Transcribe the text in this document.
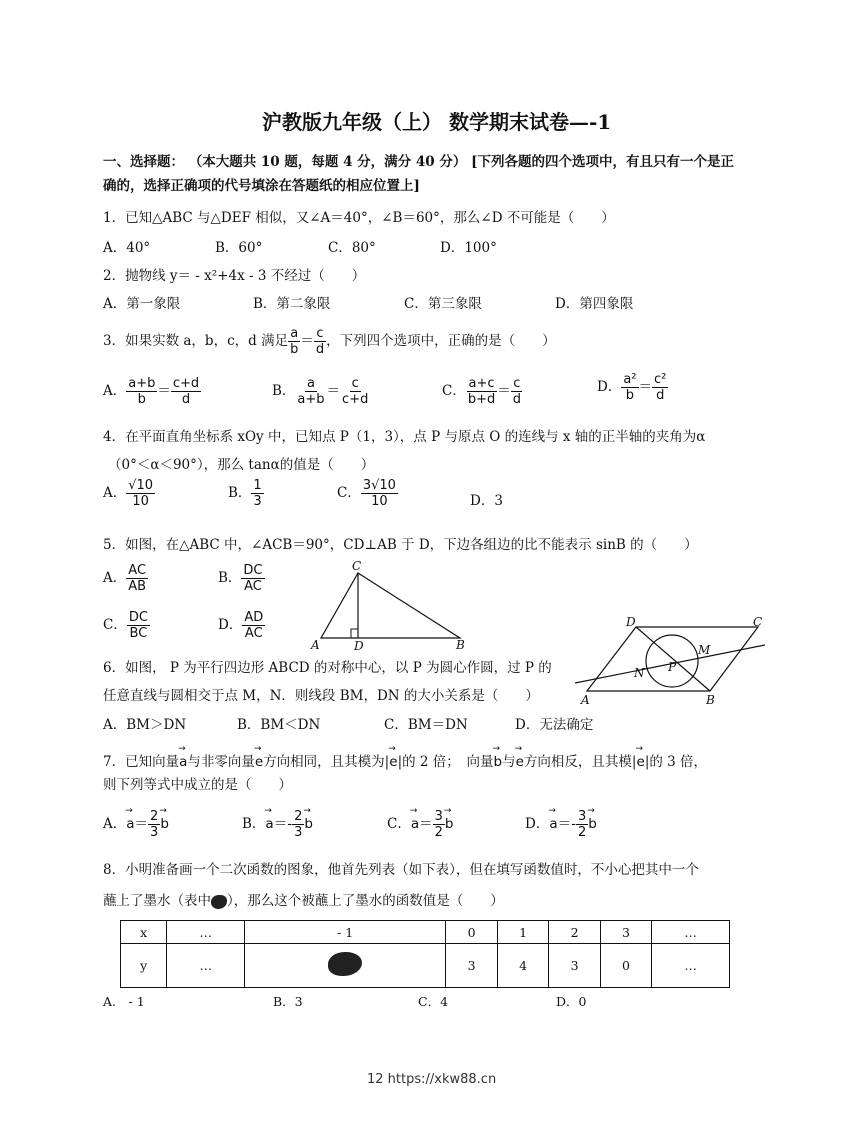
沪教版九年级（上） 数学期末试卷—-1
一、选择题： （本大题共 10 题，每题 4 分，满分 40 分） [下列各题的四个选项中，有且只有一个是正
确的，选择正确项的代号填涂在答题纸的相应位置上]
1．已知△ABC 与△DEF 相似，又∠A＝40°，∠B＝60°，那么∠D 不可能是（　　）
A．40°	B．60°	C．80°	D．100°
2．抛物线 y＝ - x²+4x - 3 不经过（　　）
A．第一象限	B．第二象限	C．第三象限	D．第四象限
3．如果实数 a，b，c，d 满足 $\frac{a}{b} = \frac{c}{d}$ ，下列四个选项中，正确的是（　　）
A． $\frac{a+b}{b} = \frac{c+d}{d}$	B． $\frac{a}{a+b} = \frac{c}{c+d}$	C． $\frac{a+c}{b+d} = \frac{c}{d}$	D． $\frac{\text{a²}}{b} = \frac{\text{c²}}{d}$
4．在平面直角坐标系 xOy 中，已知点 P（1，3），点 P 与原点 O 的连线与 x 轴的正半轴的夹角为α
（0°＜α＜90°），那么 tanα的值是（　　）
A． $\frac{√10}{10}$	B． $\frac{1}{3}$	C． $\frac{3√10}{10}$	D．3
5．如图，在△ABC 中，∠ACB＝90°，CD⊥AB 于 D，下边各组边的比不能表示 sinB 的（　　）
A． $\frac{AC}{AB}$	B． $\frac{DC}{AC}$
C． $\frac{DC}{BC}$	D． $\frac{AD}{AC}$
C
A	D	B
6．如图， P 为平行四边形 ABCD 的对称中心，以 P 为圆心作圆，过 P 的
任意直线与圆相交于点 M，N．则线段 BM，DN 的大小关系是（　　）
A．BM＞DN	B．BM＜DN	C．BM＝DN	D．无法确定
D	C
A	B
M
N P
7．已知向量→ a与非零向量→ e方向相同，且其模为|→ e|的 2 倍；　向量→ b与→ e方向相反，且其模|→ e|的 3 倍，
则下列等式中成立的是（　　）
A．→ $a= \frac{2}{3} \to b$	B．→ $a=- \frac{2}{3} \to b$	C．→ $a= \frac{3}{2} \to b$	D．→ $a=- \frac{3}{2} \to b$
8．小明准备画一个二次函数的图象，他首先列表（如下表），但在填写函数值时，不小心把其中一个
蘸上了墨水（表中 ），那么这个被蘸上了墨水的函数值是（　　）
x	…	- 1	0	1	2	3	…
y	…		3	4	3	0	…
A.　- 1	B．3	C．4	D．0
12 https://xkw88.cn
